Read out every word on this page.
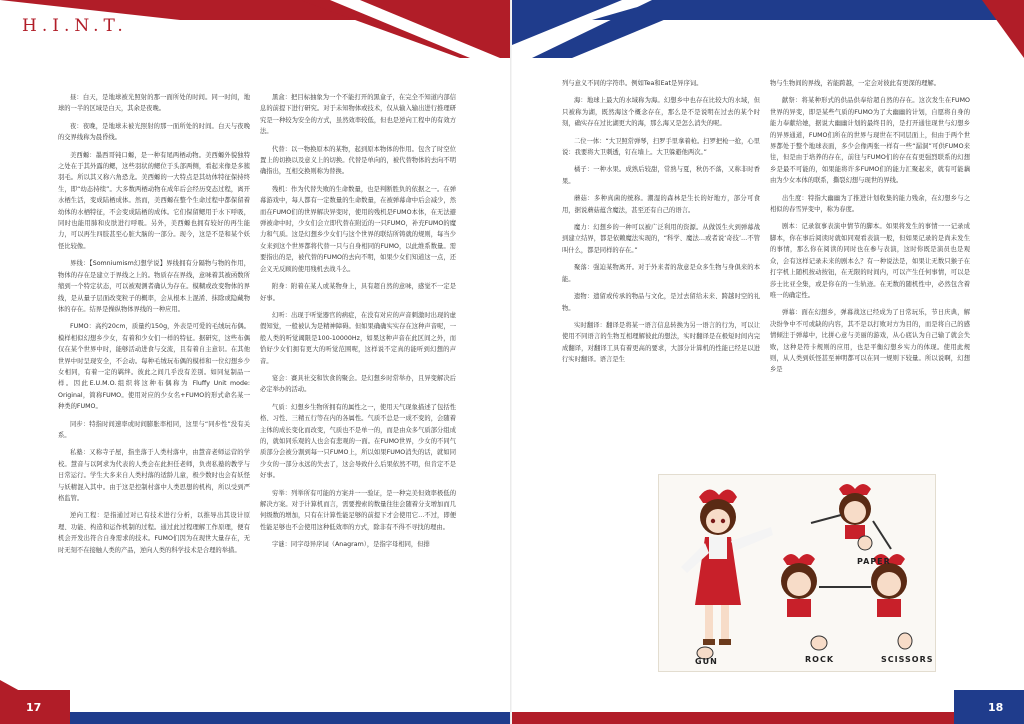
H.I.N.T.

昼：白天，是地球被光照射的那一面所处的时间。同一时间，地球的一半的区域是白天，其余是夜晚。

夜：夜晚，是地球未被光照射的那一面所处的时间。白天与夜晚的交界线称为晨昏线。

美西螈：墨西哥钝口螈，是一种有尾两栖动物。美西螈外貌独特之处在于其外露的鳃，这些羽状的鳃位于头部两侧，看起来像是多簇羽毛。所以其又称六角恐龙。美西螈的一大特点是其幼体特征保持终生，即“幼态持续”。大多数两栖动物在成年后会经历变态过程，离开水栖生活，变成陆栖成体。然而，美西螈在整个生命过程中都保留着幼体的水栖特征，不会变成陆栖的成体。它们保留鳃用于水下呼吸，同时也能用肺和皮肤进行呼吸。另外，美西螈也拥有较好的再生能力，可以再生四肢甚至心脏大脑的一部分。现今，这是不是和某个妖怪比较像。

界线：【Somniumism幻想学说】界线拥有分隔物与物的作用，物体的存在是建立于界线之上的。物质存在界线，意味着其被函数所缩到一个特定状态，可以被观测者确认为存在。模糊或改变物体的界线，是从量子层面改变粒子的概率，会从根本上混淆、抹除或隐藏物体的存在。结界是操纵物体界线的一种应用。

FUMO：高约20cm，质量约150g，外表是可爱的毛绒玩布偶。模样相似幻想乡少女，有着和少女们一样的特征。据研究，这些布偶仅在某个世界中时，能够活动进食与交流，且有着自主意识。在其他世界中时呈现安全，不会动。每种毛绒玩布偶的模样和一位幻想乡少女相同，有着一定的羁绊。彼此之间几乎没有差别。如同复制品一样。因此E.U.M.O.组织将这种布偶称为 Fluffy Unit mode: Original，简称FUMO。使用对应的少女名+FUMO的形式命名某一种类的FUMO。

同步：特指时间速率或时间膨胀率相同，这里与“同步性”没有关系。

私塾：又称寺子屋，指坐落于人类村落中，由慧音老师运营的学校。慧音与以阿求为代表的人类会在此担任老师，负责私塾的教学与日常运行。学生大多来自人类村落的适龄儿童，极少数时也会有妖怪与妖精混入其中。由于这是控制村落中人类思想的机构，所以受到严格监管。

逆向工程：是指通过对已有技术进行分析，以推导出其设计原理、功能、构造和运作机制的过程。通过此过程理解工作原理，便有机会开发出符合自身需求的技术。FUMO们因为在现世大量存在，无时无刻不在接触人类的产品，逆向人类的科学技术是合理的举措。

黑盒：把目标抽象为一个不能打开的黑盒子，在完全不知道内部信息的前提下进行研究。对于未知物体或技术，仅从输入输出进行推理研究是一种较为安全的方式，虽然效率较低，但也是逆向工程中的有效方法。

代替：以一物换原本的某物，起到原本物体的作用。包含了时空位置上的切换以及意义上的切换。代替是单向的，被代替物体的去向不明确指出，互相交换则称为替换。

残机：作为代替失败的生命数量，也是判断胜负的依据之一。在弹幕游戏中，每人都有一定数量的生命数量，在被弹幕命中后会减少，然而在FUMO们的世界解决异变时，使用的残机是FUMO本体，在无法避弹被命中时，少女们会立即代替在附近的一只FUMO，补充FUMO的魔力和气质。这是幻想乡少女们与这个世界的联结所铸就的规则，每当少女来到这个世界都将代替一只与自身相同的FUMO，以此维系数量。需要指出的是，被代替的FUMO的去向不明，如果少女们知道这一点，还会义无反顾的使用残机去战斗么。

附身：附着在某人或某物身上，具有超自然的意味，感觉不一定是好事。

幻听：出现于听觉器官的病症，在没有对应的声音刺激时出现的虚假知觉，一般被认为是精神障碍。但如果确确实实存在这种声音呢，一般人类的听觉阈限是100-10000Hz，如果这种声音在此区间之外，而恰好少女们拥有更大的听觉范围呢，这样说不定真的能听到幻想的声音。

宴会：賽具社交和饮食的聚会。是幻想乡时常举办，且异变解决后必定举办的活动。

气质：幻想乡生物所拥有的属性之一，使用天气现象描述了包括性格、习性、三精五行等在内的各属性。气质不总是一成不变的，会随着主体的成长变化而改变，气质也不是单一的，而是由众多气质部分组成的，就如同乐观的人也会有悲观的一面。在FUMO世界，少女的不同气质部分会被分割到每一只FUMO上，所以如果FUMO消失的话，就如同少女的一部分永远的失去了，这会导致什么后果依然不明，但肯定不是好事。

穷举：列举所有可能的方案并一一验证，是一种完美但效率极低的解决方案。对于计算机而言，需要搜索的数量往往会随着分支增加而几何级数的增加，只有在计算性能足够的前提下才会使用它…不过，即便性能足够也不会使用这种低效率的方式，除非有不得不寻找的理由。

字谜：同字母异序词（Anagram），是指字母相同，但排

17

列与意义不同的字符串。例如Tea和Eat是异序词。

海：地球上最大的水域称为海。幻想乡中也存在比较大的水域，但只被称为湖，既然海这个概念存在，那么是不是说明在过去的某个时刻，确实存在过比湖更大的海，那么海又是怎么消失的呢。

二位一体：“大卫照常弹琴，扫罗手里拿着枪。扫罗把枪一抢，心里说：我要将大卫刺透，钉在墙上。大卫躲避他两次。”

橘子：一种水果。成熟后较甜，常熟与夏，秋仍不落，又称非时香果。

蘑菇：多种真菌的统称。潮湿的森林是生长的好地方，部分可食用，据说蘑菇蕴含魔法，甚至还有自己的语言。

魔力：幻想乡的一种可以被广泛利用的资源。从做饭生火到弹幕战到建立结界，都是依赖魔法实现的，“科学、魔法…或者说‘奇技’…不管叫什么，都是同样的存在。”

聚落：强迫某物离开。对于外来者的敌意是众多生物与身俱来的本能。

遗物：遗留或传承的物品与文化，是过去留给未来、跨越时空的礼物。

实时翻译：翻译是将某一语言信息转换为另一语言的行为，可以让使用不同语言的生物互相理解彼此的想法，实时翻译是在极短时间内完成翻译，对翻译工具有着更高的要求，大部分计算机的性能已经足以进行实时翻译。语言是生

物与生物间的界线，若能跨越，一定会对彼此有更深的理解。

献祭：将某种形式的供品供奉给超自然的存在。这次发生在FUMO世界的异变，即是某些气质的FUMO为了大幽幽的计划，自愿将自身的能力奉献给她，据说大幽幽计划的最终目的，是打开通往现世与幻想乡的异界通道，FUMO们所在的世界与现世在不同层面上，但由于两个世界都处于整个地球表面，多少会像两张一样有一些“漏洞”可供FUMO来往，但是由于培养的存在，前往与FUMO们的存在有更强烈联系的幻想乡是最不可能的，如果能将许多FUMO们的能力汇聚起来，就有可能藕由为少女本体的联系，撕裂幻想与现世的界线。

出生度：特指大幽幽为了推进计划收集的能力残余，在幻想乡与之相似的春雪异变中，称为春度。

剧本：记录叙事表演中情节的脚本。如果将发生的事情一一记录成脚本，你在事后阅读时就如同观看表演一般，但如果记录的是尚未发生的事情，那么你在阅读的同时也在参与表演，这时你既是演员也是观众，会有这样记录未来的剧本么？有一种说法是，如果让无数只猴子在打字机上随机按动按钮，在无限的时间内，可以产生任何事情，可以是莎士比亚全集，或是你在的一生轨迹。在无数的随机性中，必然包含着唯一的确定性。

弹幕：面在幻想乡，弹幕战这已经成为了日常玩乐，节日庆典，解决纷争中不可或缺的内容，其不是以打败对方为目的，而是将自己的感情倾注于弹幕中，比拼心意与美丽的游戏，从心底认为自己输了就会失败，这种是符卡规则的应用，也是平衡幻想乡实力的体现。使用此规则，从人类到妖怪甚至神明都可以在同一规则下较量。所以说啊，幻想乡是

18
GUN	ROCK	SCISSORS
PAPER
